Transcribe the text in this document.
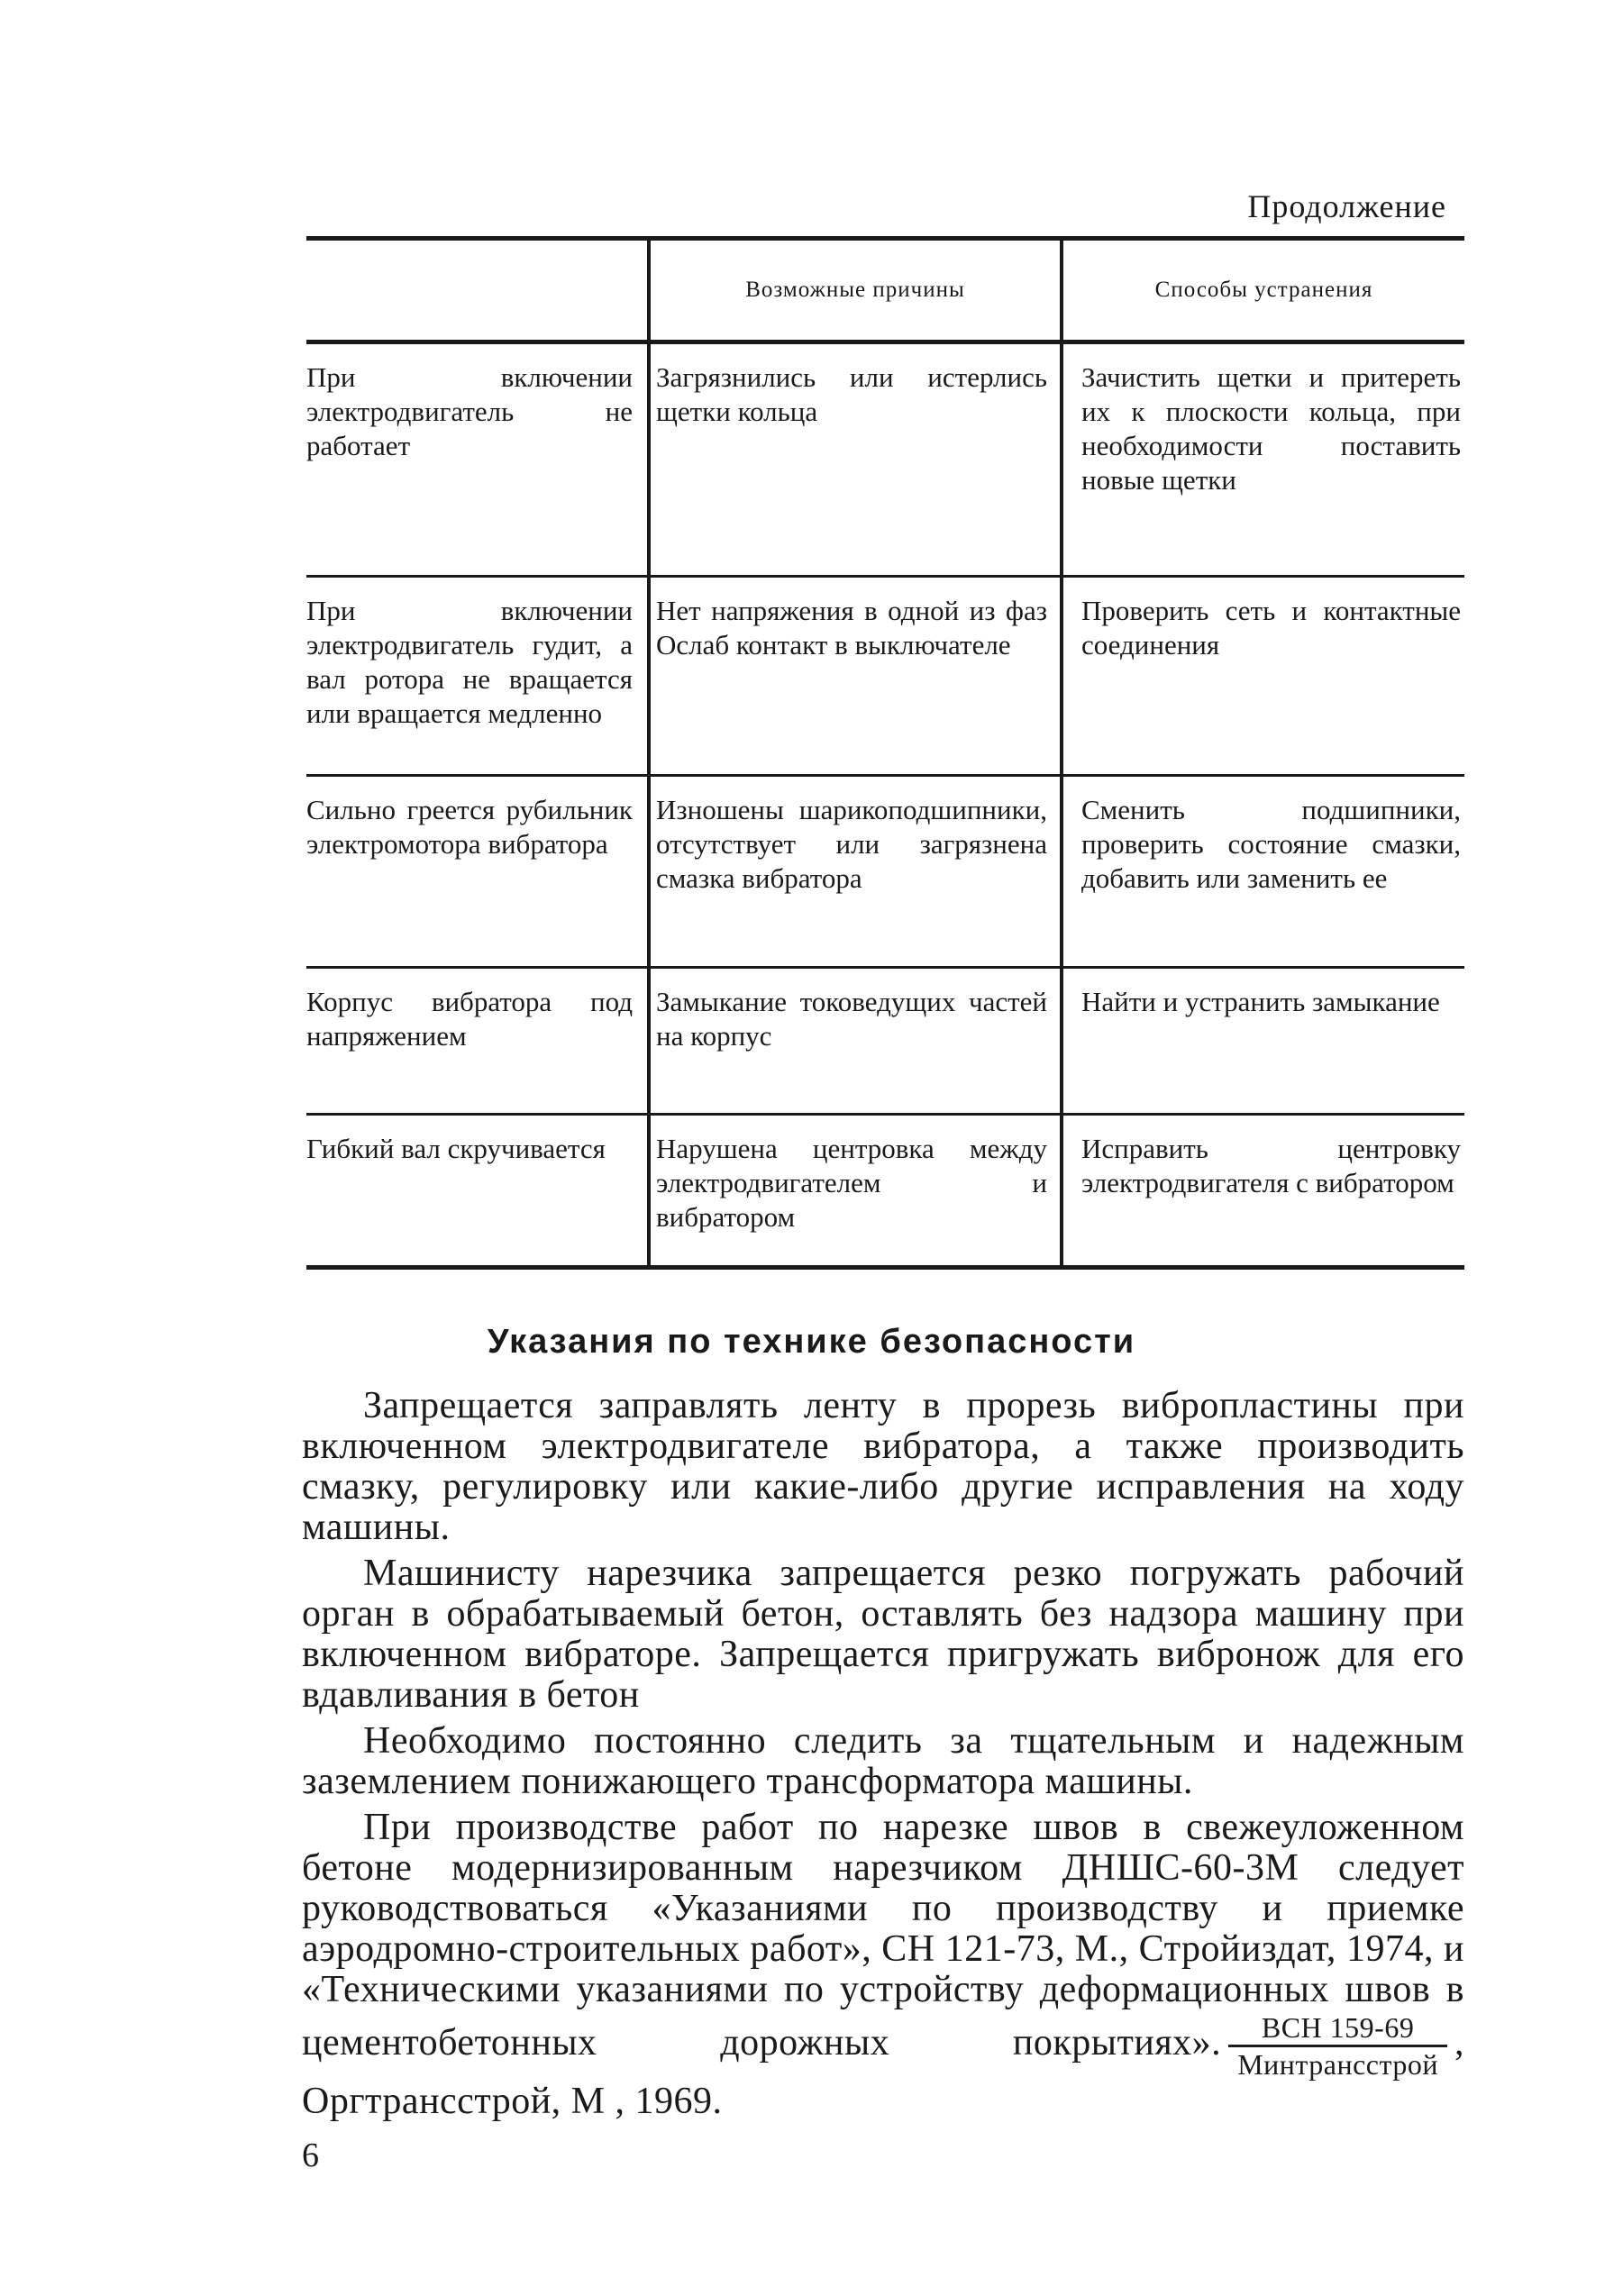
Продолжение
Возможные причины	Способы устранения
При включении электродвигатель не работает
Загрязнились или истерлись щетки кольца
Зачистить щетки и притереть их к плоскости кольца, при необходимости поставить новые щетки
При включении электродвигатель гудит, а вал ротора не вращается или вращается медленно
Нет напряжения в одной из фаз Ослаб контакт в выключателе
Проверить сеть и контактные соединения
Сильно греется рубильник электромотора вибратора
Изношены шарикоподшипники, отсутствует или загрязнена смазка вибратора
Сменить подшипники, проверить состояние смазки, добавить или заменить ее
Корпус вибратора под напряжением
Замыкание токоведущих частей на корпус
Найти и устранить замыкание
Гибкий вал скручивается	Нарушена центровка между электродвигателем и вибратором
Исправить центровку электродвигателя с вибратором
Указания по технике безопасности

Запрещается заправлять ленту в прорезь вибропластины при включенном электродвигателе вибратора, а также производить смазку, регулировку или какие-либо другие исправления на ходу машины.

Машинисту нарезчика запрещается резко погружать рабочий орган в обрабатываемый бетон, оставлять без надзора машину при включенном вибраторе. Запрещается пригружать вибронож для его вдавливания в бетон

Необходимо постоянно следить за тщательным и надежным заземлением понижающего трансформатора машины.

При производстве работ по нарезке швов в свежеуложенном бетоне модернизированным нарезчиком ДНШС-60-3М следует руководствоваться «Указаниями по производству и приемке аэродромно-строительных работ», СН 121-73, М., Стройиздат, 1974, и «Техническими указаниями по устройству деформационных швов в цементобетонных дорожных покрытиях». $\frac{\text{ВСН 159-69}}{\text{Минтрансстрой}}$ , Оргтрансстрой, М , 1969.

6
